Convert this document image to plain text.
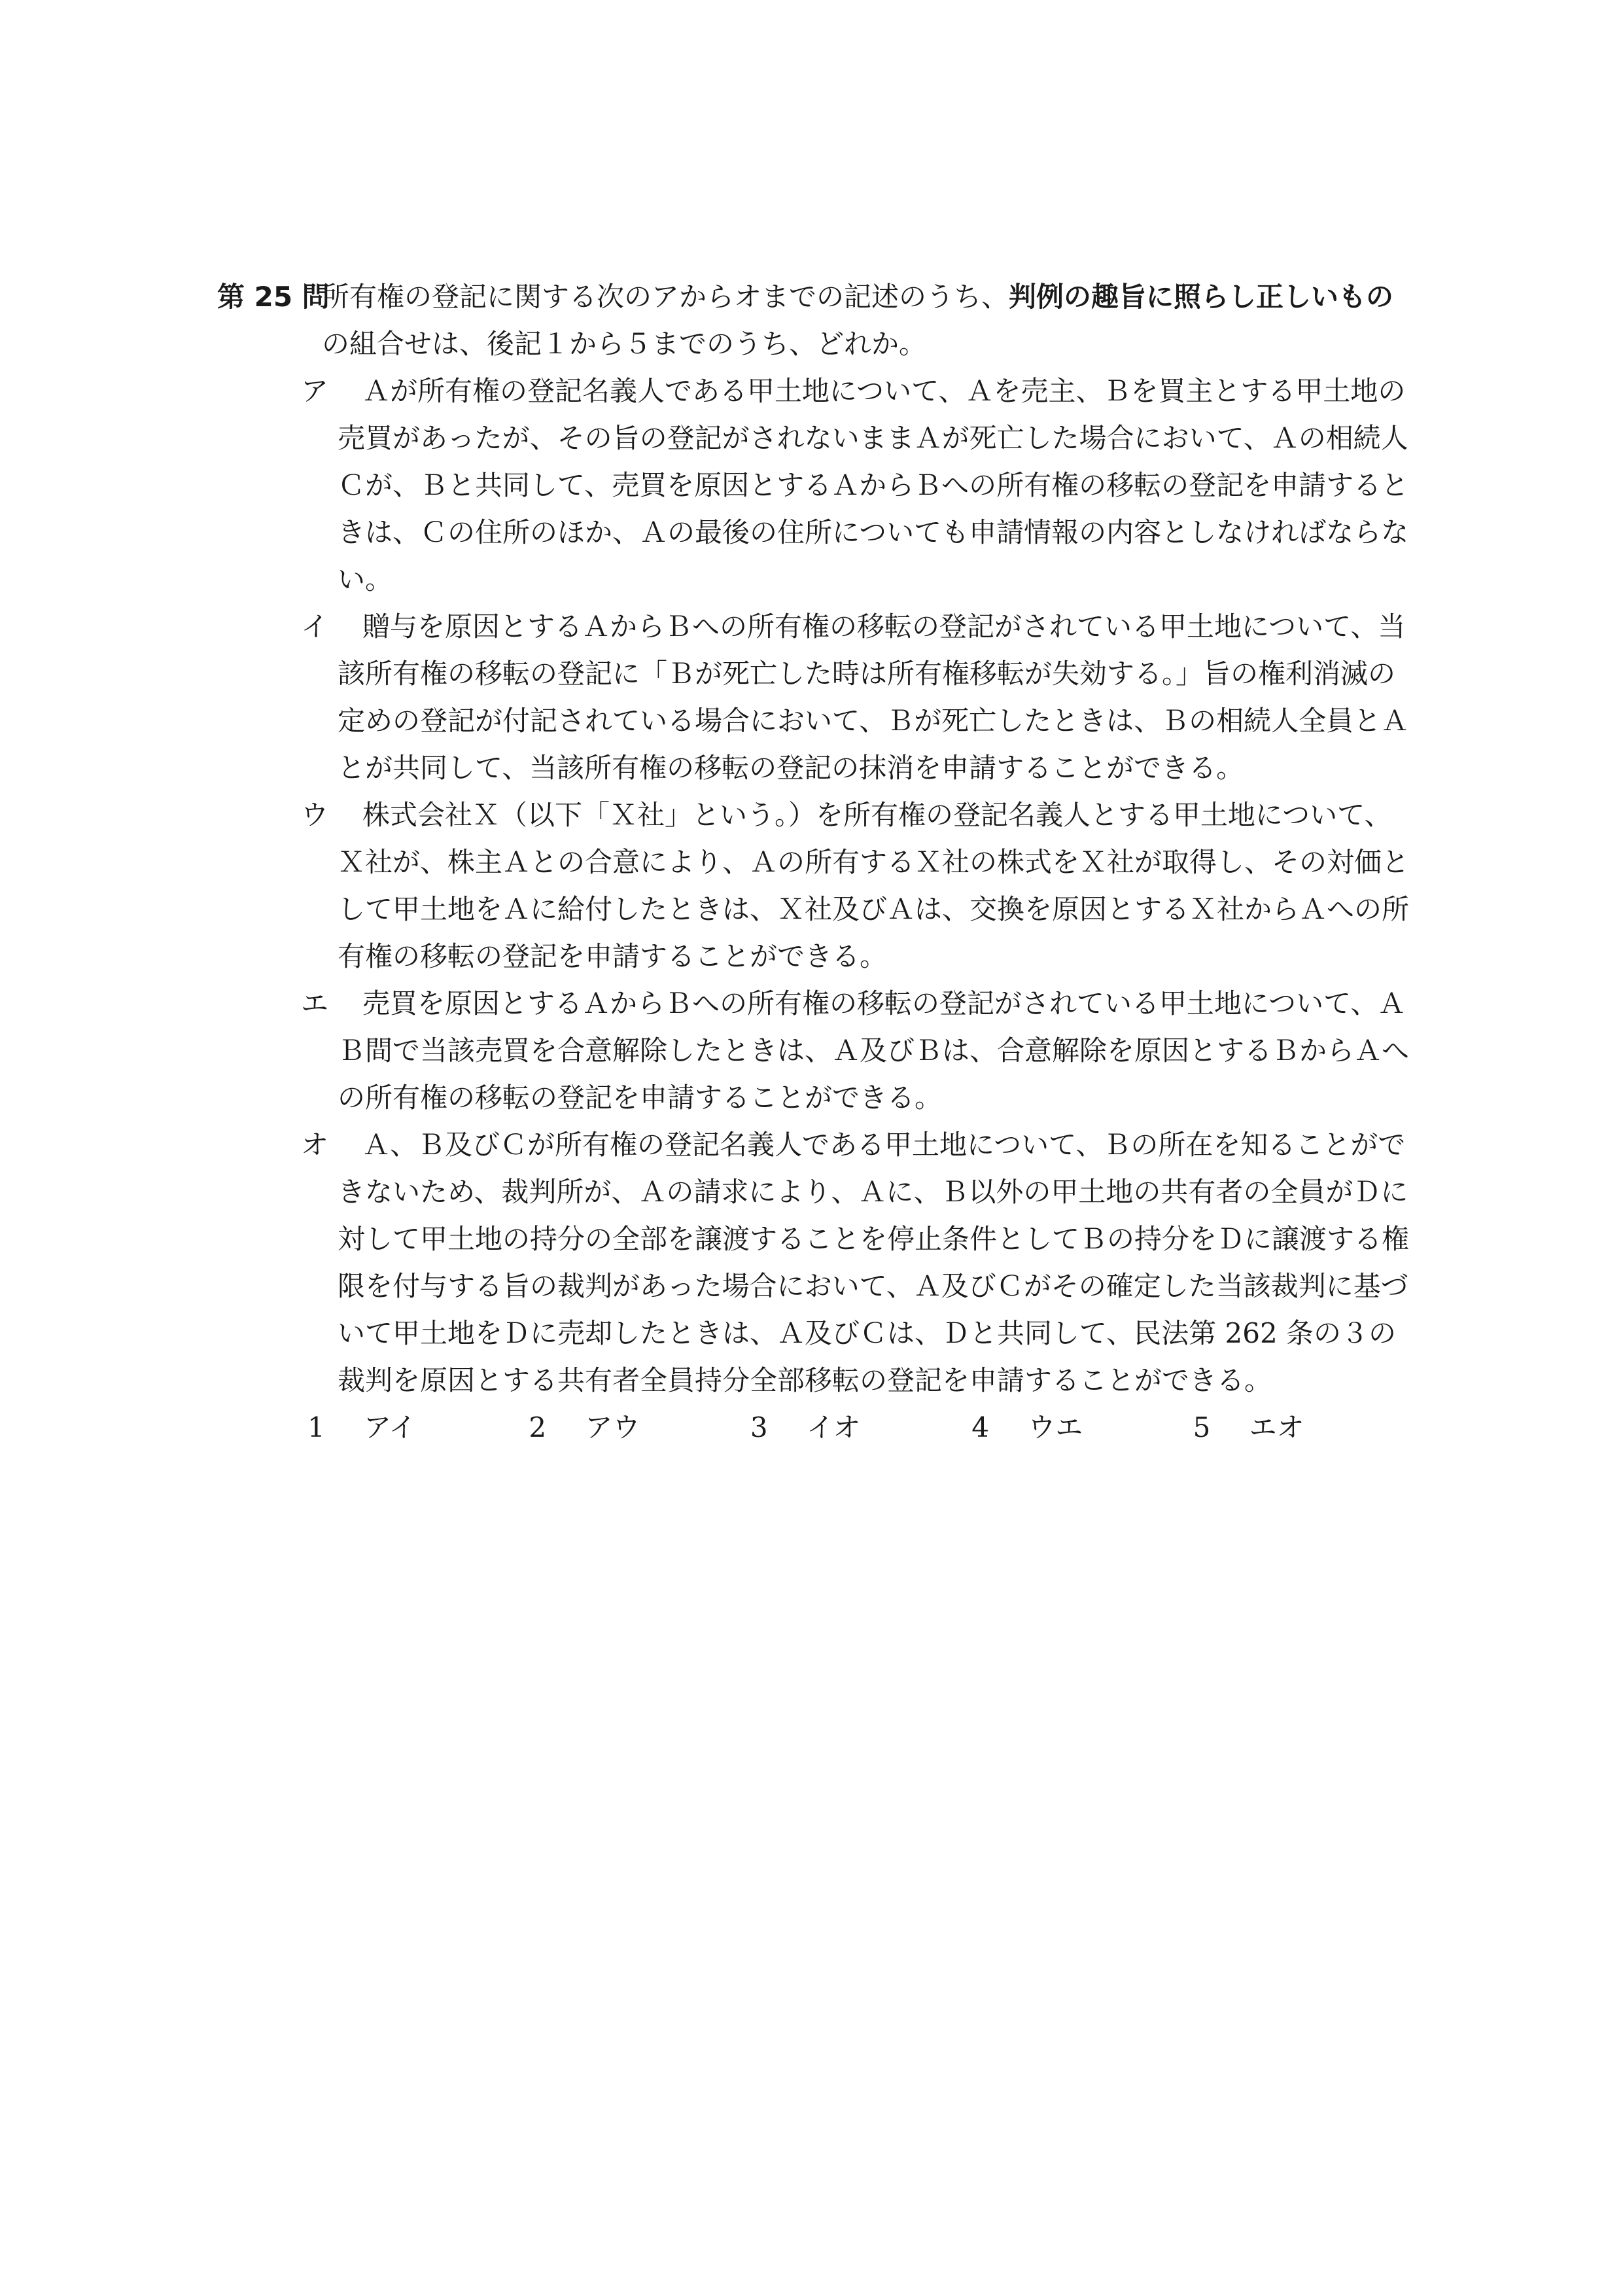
第 25 問
所有権の登記に関する次のアからオまでの記述のうち、判例の趣旨に照らし正しいものの組合せは、後記１から５までのうち、どれか。

ア	Ａが所有権の登記名義人である甲土地について、Ａを売主、Ｂを買主とする甲土地の売買があったが、その旨の登記がされないままＡが死亡した場合において、Ａの相続人Ｃが、Ｂと共同して、売買を原因とするＡからＢへの所有権の移転の登記を申請するときは、Ｃの住所のほか、Ａの最後の住所についても申請情報の内容としなければならない。
イ	贈与を原因とするＡからＢへの所有権の移転の登記がされている甲土地について、当該所有権の移転の登記に「Ｂが死亡した時は所有権移転が失効する。」旨の権利消滅の定めの登記が付記されている場合において、Ｂが死亡したときは、Ｂの相続人全員とＡとが共同して、当該所有権の移転の登記の抹消を申請することができる。
ウ	株式会社Ｘ（以下「Ｘ社」という。）を所有権の登記名義人とする甲土地について、Ｘ社が、株主Ａとの合意により、Ａの所有するＸ社の株式をＸ社が取得し、その対価として甲土地をＡに給付したときは、Ｘ社及びＡは、交換を原因とするＸ社からＡへの所有権の移転の登記を申請することができる。
エ	売買を原因とするＡからＢへの所有権の移転の登記がされている甲土地について、ＡＢ間で当該売買を合意解除したときは、Ａ及びＢは、合意解除を原因とするＢからＡへの所有権の移転の登記を申請することができる。
オ	Ａ、Ｂ及びＣが所有権の登記名義人である甲土地について、Ｂの所在を知ることができないため、裁判所が、Ａの請求により、Ａに、Ｂ以外の甲土地の共有者の全員がＤに対して甲土地の持分の全部を譲渡することを停止条件としてＢの持分をＤに譲渡する権限を付与する旨の裁判があった場合において、Ａ及びＣがその確定した当該裁判に基づいて甲土地をＤに売却したときは、Ａ及びＣは、Ｄと共同して、民法第 262 条の３の裁判を原因とする共有者全員持分全部移転の登記を申請することができる。
1	アイ	2	アウ	3	イオ	4	ウエ	5	エオ
